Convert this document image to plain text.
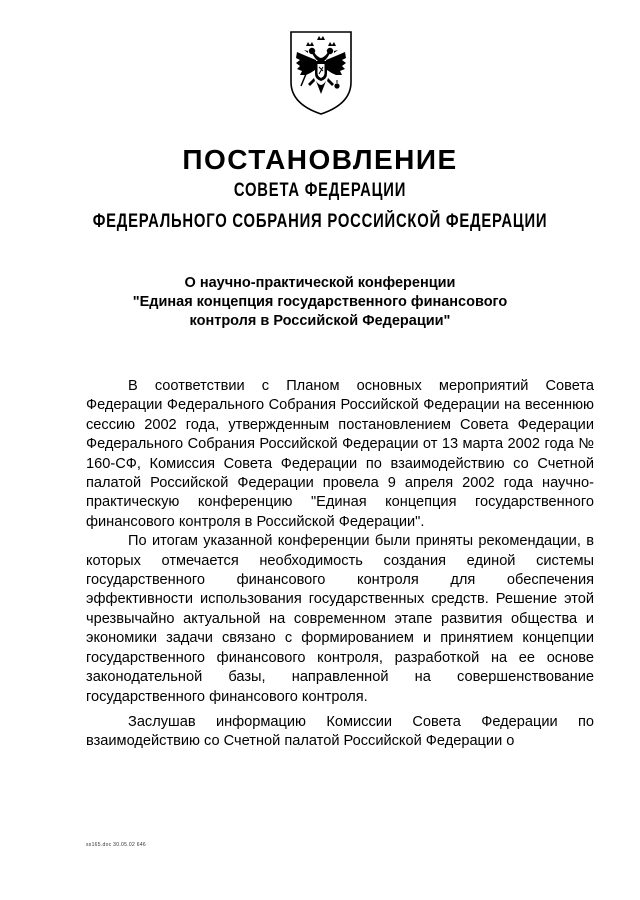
ПОСТАНОВЛЕНИЕ
СОВЕТА ФЕДЕРАЦИИ
ФЕДЕРАЛЬНОГО СОБРАНИЯ РОССИЙСКОЙ ФЕДЕРАЦИИ
О научно-практической конференции
"Единая концепция государственного финансового
контроля в Российской Федерации"

В соответствии с Планом основных мероприятий Совета Федерации Федерального Собрания Российской Федерации на весеннюю сессию 2002 года, утвержденным постановлением Совета Федерации Федерального Собрания Российской Федерации от 13 марта 2002 года № 160-СФ, Комиссия Совета Федерации по взаимодействию со Счетной палатой Российской Федерации провела 9 апреля 2002 года научно-практическую конференцию "Единая концепция государственного финансового контроля в Российской Федерации".

По итогам указанной конференции были приняты рекомендации, в которых отмечается необходимость создания единой системы государственного финансового контроля для обеспечения эффективности использования государственных средств. Решение этой чрезвычайно актуальной на современном этапе развития общества и экономики задачи связано с формированием и принятием концепции государственного финансового контроля, разработкой на ее основе законодательной базы, направленной на совершенствование государственного финансового контроля.

Заслушав информацию Комиссии Совета Федерации по взаимодействию со Счетной палатой Российской Федерации о

ss165.doc 30.05.02 646
